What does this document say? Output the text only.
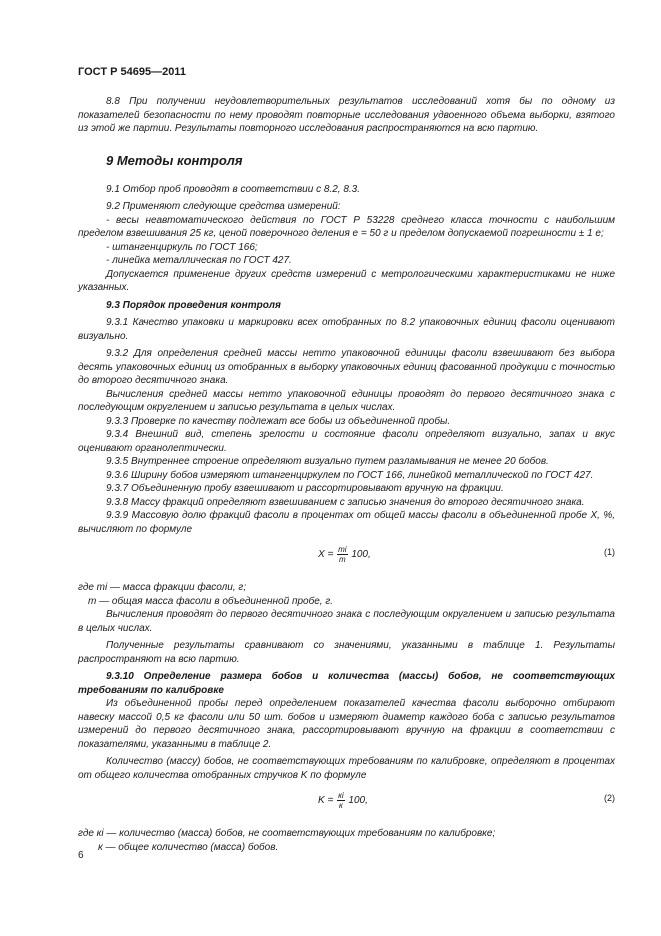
ГОСТ Р 54695—2011

8.8 При получении неудовлетворительных результатов исследований хотя бы по одному из показателей безопасности по нему проводят повторные исследования удвоенного объема выборки, взятого из этой же партии. Результаты повторного исследования распространяются на всю партию.

9 Методы контроля

9.1 Отбор проб проводят в соответствии с 8.2, 8.3.

9.2 Применяют следующие средства измерений:

- весы неавтоматического действия по ГОСТ Р 53228 среднего класса точности с наибольшим пределом взвешивания 25 кг, ценой поверочного деления е = 50 г и пределом допускаемой погрешности ± 1 е;

- штангенциркуль по ГОСТ 166;

- линейка металлическая по ГОСТ 427.

Допускается применение других средств измерений с метрологическими характеристиками не ниже указанных.

9.3 Порядок проведения контроля

9.3.1 Качество упаковки и маркировки всех отобранных по 8.2 упаковочных единиц фасоли оценивают визуально.

9.3.2 Для определения средней массы нетто упаковочной единицы фасоли взвешивают без выбора десять упаковочных единиц из отобранных в выборку упаковочных единиц фасованной продукции с точностью до второго десятичного знака.

Вычисления средней массы нетто упаковочной единицы проводят до первого десятичного знака с последующим округлением и записью результата в целых числах.

9.3.3 Проверке по качеству подлежат все бобы из объединенной пробы.

9.3.4 Внешний вид, степень зрелости и состояние фасоли определяют визуально, запах и вкус оценивают органолептически.

9.3.5 Внутреннее строение определяют визуально путем разламывания не менее 20 бобов.

9.3.6 Ширину бобов измеряют штангенциркулем по ГОСТ 166, линейкой металлической по ГОСТ 427.

9.3.7 Объединенную пробу взвешивают и рассортировывают вручную на фракции.

9.3.8 Массу фракций определяют взвешиванием с записью значения до второго десятичного знака.

9.3.9 Массовую долю фракций фасоли в процентах от общей массы фасоли в объединенной пробе X, %, вычисляют по формуле

$X = \frac{mi}{m} 100$,	(1)

где mi — масса фракции фасоли, г;

m — общая масса фасоли в объединенной пробе, г.

Вычисления проводят до первого десятичного знака с последующим округлением и записью результата в целых числах.

Полученные результаты сравнивают со значениями, указанными в таблице 1. Результаты распространяют на всю партию.

9.3.10 Определение размера бобов и количества (массы) бобов, не соответствующих требованиям по калибровке

Из объединенной пробы перед определением показателей качества фасоли выборочно отбирают навеску массой 0,5 кг фасоли или 50 шт. бобов и измеряют диаметр каждого боба с записью результатов измерений до первого десятичного знака, рассортировывают вручную на фракции в соответствии с показателями, указанными в таблице 2.

Количество (массу) бобов, не соответствующих требованиям по калибровке, определяют в процентах от общего количества отобранных стручков K по формуле

$K = \frac{кi}{к} 100$,	(2)

где кi — количество (масса) бобов, не соответствующих требованиям по калибровке;

к — общее количество (масса) бобов.

6
